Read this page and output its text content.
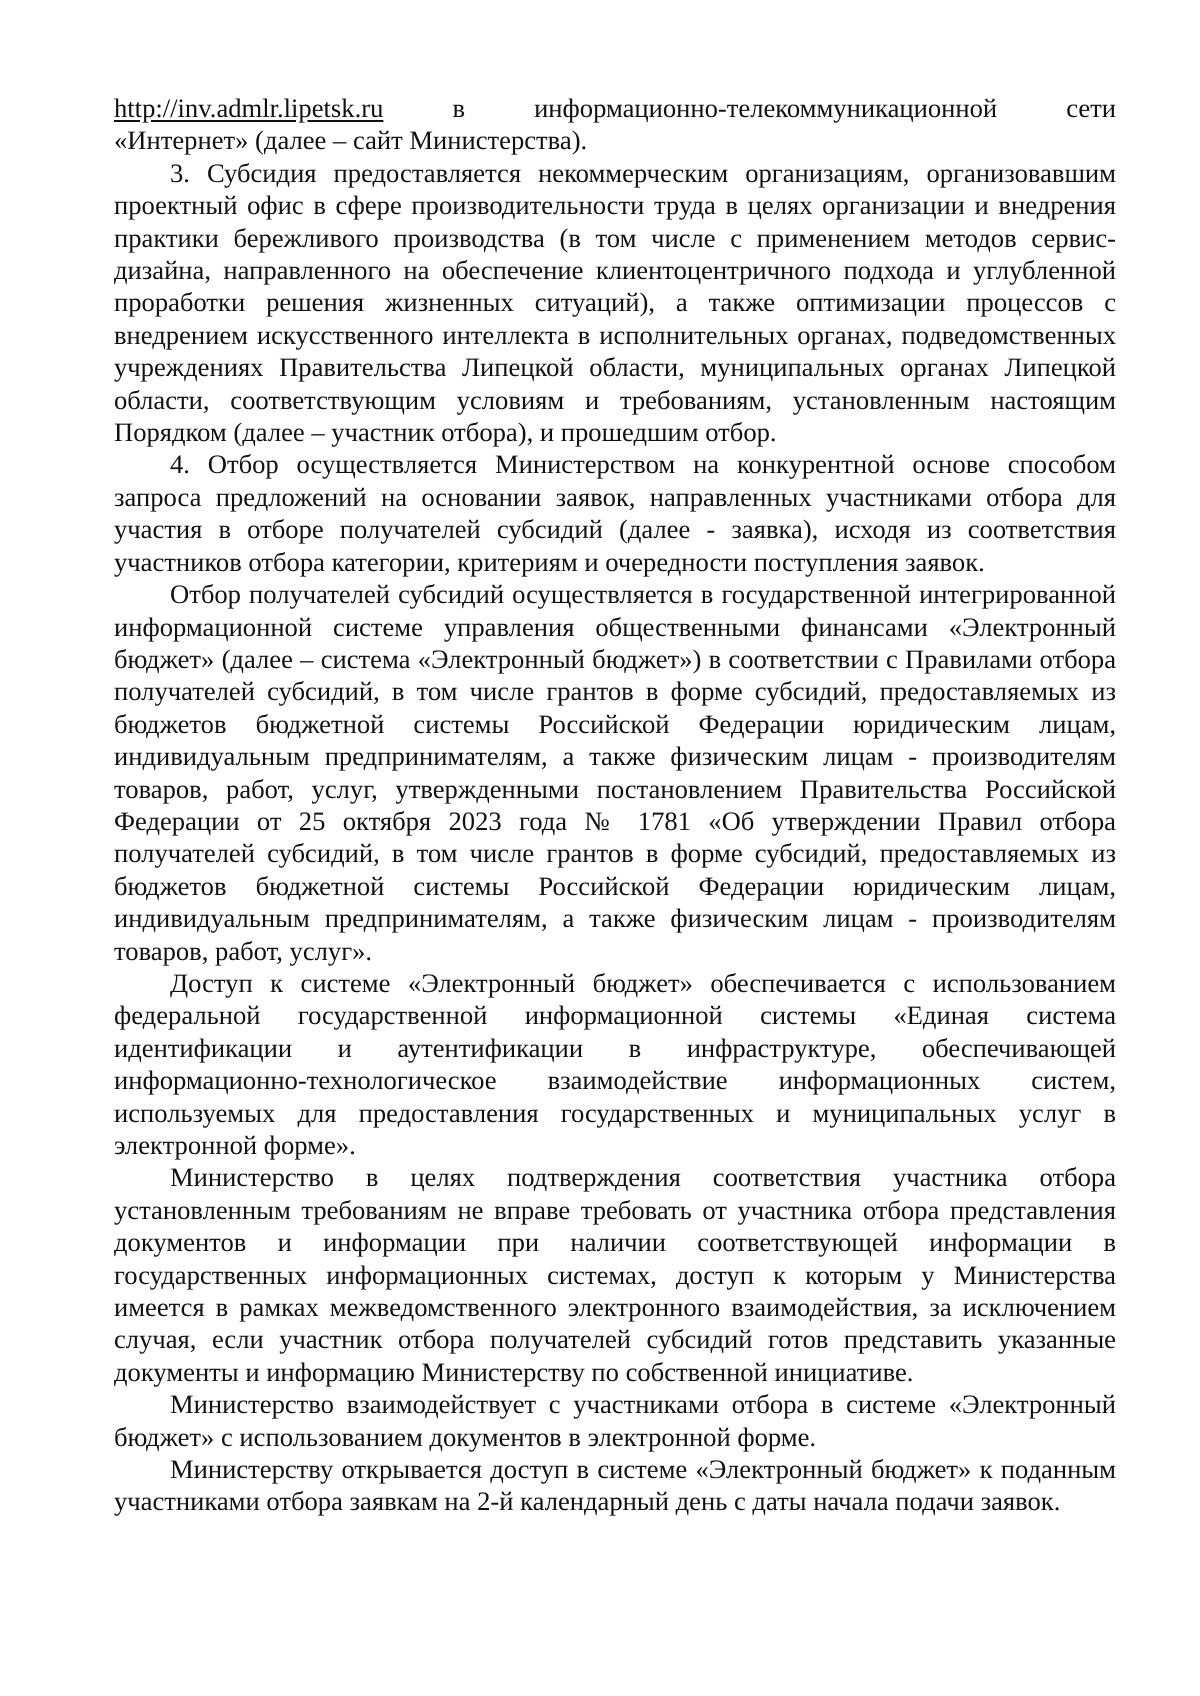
http://inv.admlr.lipetsk.ru	в информационно-телекоммуникационной сети

«Интернет» (далее – сайт Министерства).

3. Субсидия предоставляется некоммерческим организациям, организовавшим проектный офис в сфере производительности труда в целях организации и внедрения практики бережливого производства (в том числе с применением методов сервис-дизайна, направленного на обеспечение клиентоцентричного подхода и углубленной проработки решения жизненных ситуаций), а также оптимизации процессов с внедрением искусственного интеллекта в исполнительных органах, подведомственных учреждениях Правительства Липецкой области, муниципальных органах Липецкой области, соответствующим условиям и требованиям, установленным настоящим Порядком (далее – участник отбора), и прошедшим отбор.

4. Отбор осуществляется Министерством на конкурентной основе способом запроса предложений на основании заявок, направленных участниками отбора для участия в отборе получателей субсидий (далее - заявка), исходя из соответствия участников отбора категории, критериям и очередности поступления заявок.

Отбор получателей субсидий осуществляется в государственной интегрированной информационной системе управления общественными финансами «Электронный бюджет» (далее – система «Электронный бюджет») в соответствии с Правилами отбора получателей субсидий, в том числе грантов в форме субсидий, предоставляемых из бюджетов бюджетной системы Российской Федерации юридическим лицам, индивидуальным предпринимателям, а также физическим лицам - производителям товаров, работ, услуг, утвержденными постановлением Правительства Российской Федерации от 25 октября 2023 года № 1781 «Об утверждении Правил отбора получателей субсидий, в том числе грантов в форме субсидий, предоставляемых из бюджетов бюджетной системы Российской Федерации юридическим лицам, индивидуальным предпринимателям, а также физическим лицам - производителям товаров, работ, услуг».

Доступ к системе «Электронный бюджет» обеспечивается с использованием федеральной государственной информационной системы «Единая система идентификации и аутентификации в инфраструктуре, обеспечивающей информационно-технологическое взаимодействие информационных систем, используемых для предоставления государственных и муниципальных услуг в электронной форме».

Министерство в целях подтверждения соответствия участника отбора установленным требованиям не вправе требовать от участника отбора представления документов и информации при наличии соответствующей информации в государственных информационных системах, доступ к которым у Министерства имеется в рамках межведомственного электронного взаимодействия, за исключением случая, если участник отбора получателей субсидий готов представить указанные документы и информацию Министерству по собственной инициативе.

Министерство взаимодействует с участниками отбора в системе «Электронный бюджет» с использованием документов в электронной форме.

Министерству открывается доступ в системе «Электронный бюджет» к поданным участниками отбора заявкам на 2-й календарный день с даты начала подачи заявок.
